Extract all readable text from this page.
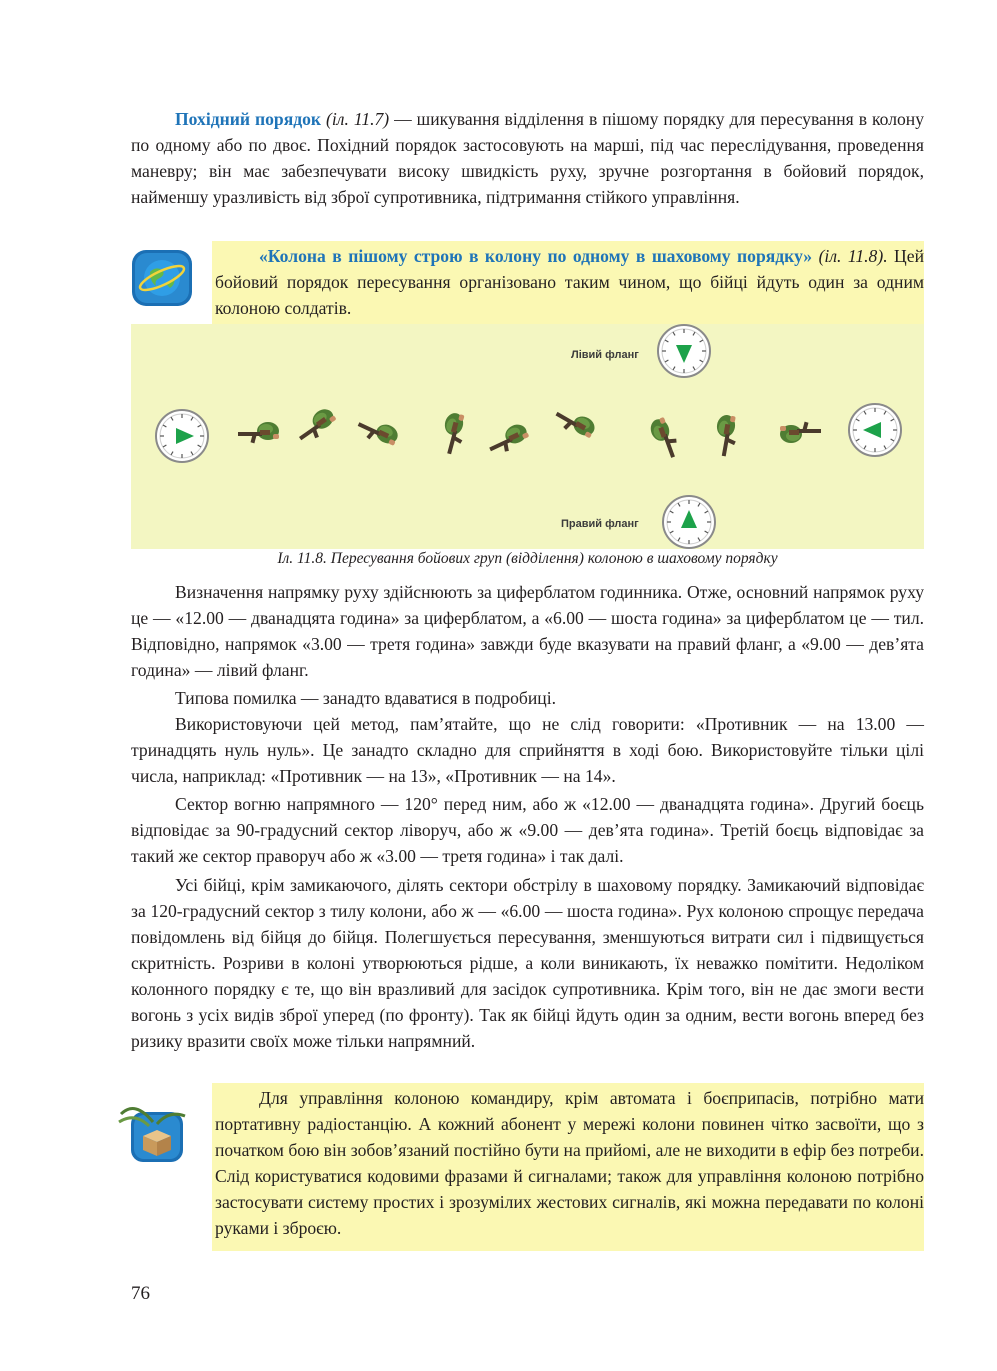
Похідний порядок (іл. 11.7) — шикування відділення в пішому порядку для пересування в колону по одному або по двоє. Похідний порядок застосовують на марші, під час переслідування, проведення маневру; він має забезпечувати високу швидкість руху, зручне розгортання в бойовий порядок, найменшу уразливість від зброї супротивника, підтримання стійкого управління.
«Колона в пішому строю в колону по одному в шаховому порядку» (іл. 11.8). Цей бойовий порядок пересування організовано таким чином, що бійці йдуть один за одним колоною солдатів.
Лівий фланг
Правий фланг
Іл. 11.8. Пересування бойових груп (відділення) колоною в шаховому порядку
Визначення напрямку руху здійснюють за циферблатом годинника. Отже, основний напрямок руху це — «12.00 — дванадцята година» за циферблатом, а «6.00 — шоста година» за циферблатом це — тил. Відповідно, напрямок «3.00 — третя година» завжди буде вказувати на правий фланг, а «9.00 — дев’ята година» — лівий фланг.
Типова помилка — занадто вдаватися в подробиці.
Використовуючи цей метод, пам’ятайте, що не слід говорити: «Противник — на 13.00 — тринадцять нуль нуль». Це занадто складно для сприйняття в ході бою. Використовуйте тільки цілі числа, наприклад: «Противник — на 13», «Противник — на 14».
Сектор вогню напрямного — 120° перед ним, або ж «12.00 — дванадцята година». Другий боєць відповідає за 90-градусний сектор ліворуч, або ж «9.00 — дев’ята година». Третій боєць відповідає за такий же сектор праворуч або ж «3.00 — третя година» і так далі.
Усі бійці, крім замикаючого, ділять сектори обстрілу в шаховому порядку. Замикаючий відповідає за 120-градусний сектор з тилу колони, або ж — «6.00 — шоста година». Рух колоною спрощує передача повідомлень від бійця до бійця. Полегшується пересування, зменшуються витрати сил і підвищується скритність. Розриви в колоні утворюються рідше, а коли виникають, їх неважко помітити. Недоліком колонного порядку є те, що він вразливий для засідок супротивника. Крім того, він не дає змоги вести вогонь з усіх видів зброї уперед (по фронту). Так як бійці йдуть один за одним, вести вогонь вперед без ризику вразити своїх може тільки напрямний.
Для управління колоною командиру, крім автомата і боєприпасів, потрібно мати портативну радіостанцію. А кожний абонент у мережі колони повинен чітко засвоїти, що з початком бою він зобов’язаний постійно бути на прийомі, але не виходити в ефір без потреби. Слід користуватися кодовими фразами й сигналами; також для управління колоною потрібно застосувати систему простих і зрозумілих жестових сигналів, які можна передавати по колоні руками і зброєю.
76
